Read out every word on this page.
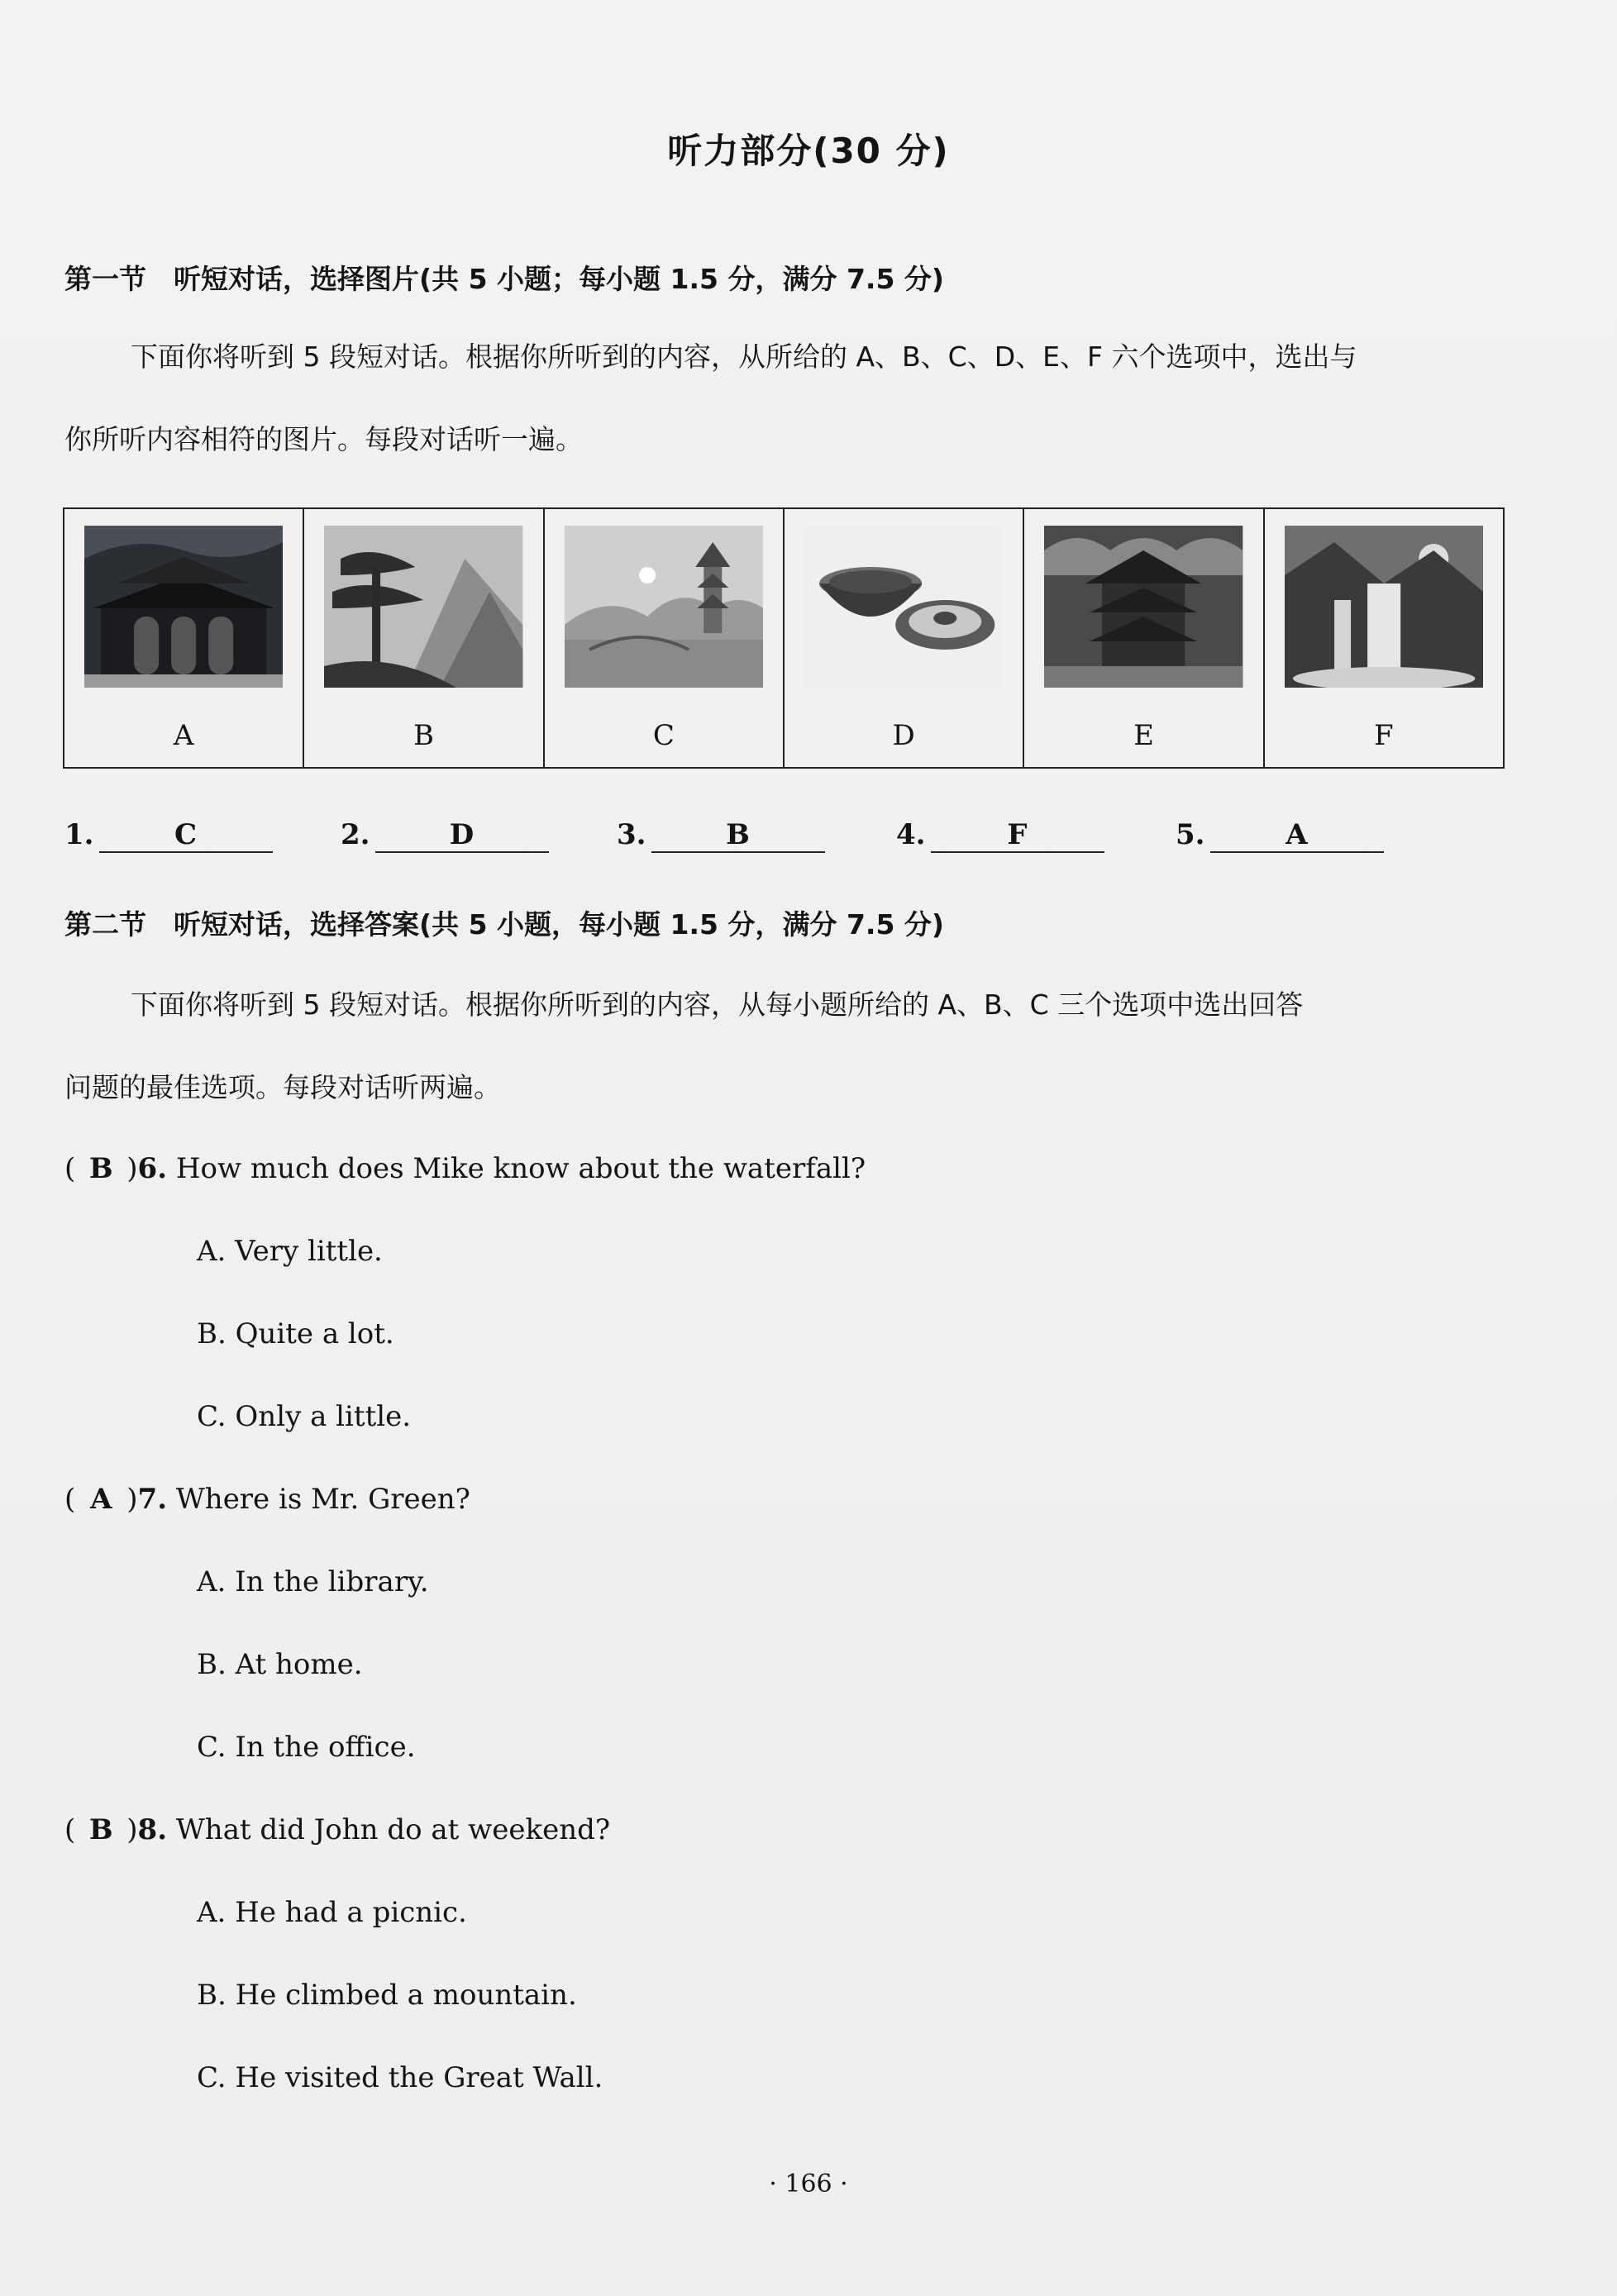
听力部分(30 分)
第一节　听短对话，选择图片(共 5 小题；每小题 1.5 分，满分 7.5 分)
下面你将听到 5 段短对话。根据你所听到的内容，从所给的 A、B、C、D、E、F 六个选项中，选出与
你所听内容相符的图片。每段对话听一遍。
A	B	C	D	E	F
1.	C	2.	D	3.	B	4.	F	5.	A
第二节　听短对话，选择答案(共 5 小题，每小题 1.5 分，满分 7.5 分)
下面你将听到 5 段短对话。根据你所听到的内容，从每小题所给的 A、B、C 三个选项中选出回答
问题的最佳选项。每段对话听两遍。
( B )6. How much does Mike know about the waterfall?
A. Very little.
B. Quite a lot.
C. Only a little.
( A )7. Where is Mr. Green?
A. In the library.
B. At home.
C. In the office.
( B )8. What did John do at weekend?
A. He had a picnic.
B. He climbed a mountain.
C. He visited the Great Wall.
· 166 ·
